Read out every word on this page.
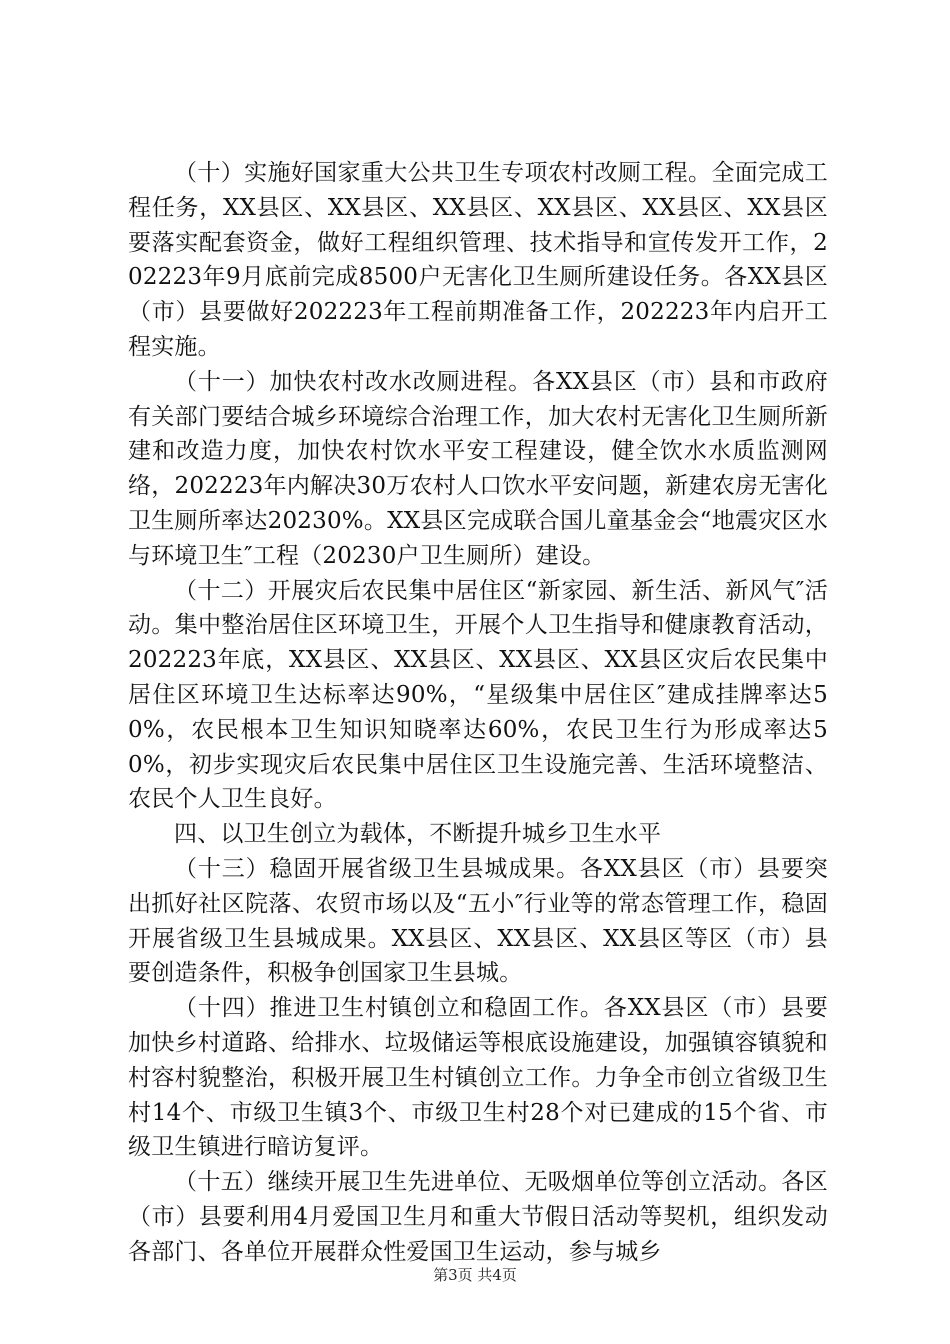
（十）实施好国家重大公共卫生专项农村改厕工程。全面完成工程任务，XX县区、XX县区、XX县区、XX县区、XX县区、XX县区要落实配套资金，做好工程组织管理、技术指导和宣传发开工作，202223年9月底前完成8500户无害化卫生厕所建设任务。各XX县区（市）县要做好202223年工程前期准备工作，202223年内启开工程实施。

（十一）加快农村改水改厕进程。各XX县区（市）县和市政府有关部门要结合城乡环境综合治理工作，加大农村无害化卫生厕所新建和改造力度，加快农村饮水平安工程建设，健全饮水水质监测网络，202223年内解决30万农村人口饮水平安问题，新建农房无害化卫生厕所率达20230%。XX县区完成联合国儿童基金会“地震灾区水与环境卫生″工程（20230户卫生厕所）建设。

（十二）开展灾后农民集中居住区“新家园、新生活、新风气″活动。集中整治居住区环境卫生，开展个人卫生指导和健康教育活动，202223年底，XX县区、XX县区、XX县区、XX县区灾后农民集中居住区环境卫生达标率达90%，“星级集中居住区″建成挂牌率达50%，农民根本卫生知识知晓率达60%，农民卫生行为形成率达50%，初步实现灾后农民集中居住区卫生设施完善、生活环境整洁、农民个人卫生良好。

四、以卫生创立为载体，不断提升城乡卫生水平

（十三）稳固开展省级卫生县城成果。各XX县区（市）县要突出抓好社区院落、农贸市场以及“五小″行业等的常态管理工作，稳固开展省级卫生县城成果。XX县区、XX县区、XX县区等区（市）县要创造条件，积极争创国家卫生县城。

（十四）推进卫生村镇创立和稳固工作。各XX县区（市）县要加快乡村道路、给排水、垃圾储运等根底设施建设，加强镇容镇貌和村容村貌整治，积极开展卫生村镇创立工作。力争全市创立省级卫生村14个、市级卫生镇3个、市级卫生村28个对已建成的15个省、市级卫生镇进行暗访复评。

（十五）继续开展卫生先进单位、无吸烟单位等创立活动。各区（市）县要利用4月爱国卫生月和重大节假日活动等契机，组织发动各部门、各单位开展群众性爱国卫生运动，参与城乡

第3页 共4页
